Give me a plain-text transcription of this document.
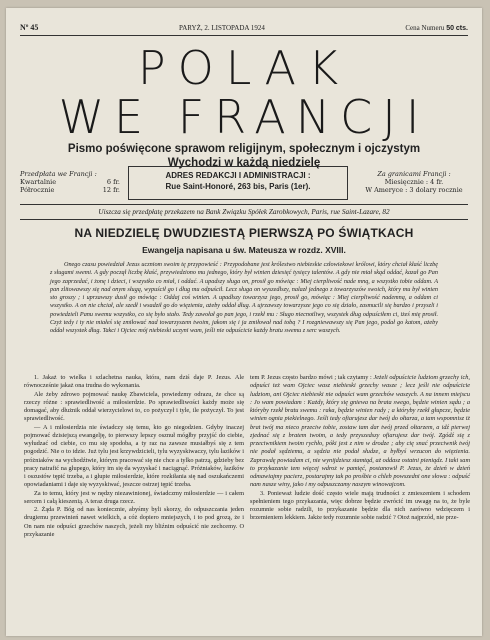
Nº 45	PARYŻ, 2. LISTOPADA 1924	Cena Numeru 50 cts.
POLAK
WE FRANCJI
Pismo poświęcone sprawom religijnym, społecznym i ojczystym
Wychodzi w każdą niedzielę
Przedpłata we Francji :
Kwartalnie	6 fr.
Półrocznie	12 fr.
ADRES REDAKCJI I ADMINISTRACJI :
Rue Saint-Honoré, 263 bis, Paris (1er).
Za granicami Francji :
Miesięcznie : 4 fr.
W Ameryce : 3 dolary rocznie
Uiszcza się przedpłatę przekazem na Bank Związku Spółek Zarobkowych, Paris, rue Saint-Lazare, 82
NA NIEDZIELĘ DWUDZIESTĄ PIERWSZĄ PO ŚWIĄTKACH
Ewangelja napisana u św. Mateusza w rozdz. XVIII.
Onego czasu powiedział Jezus uczniom swoim tę przypowieść : Przypodobane jest królestwo niebieskie człowiekowi królowi, który chciał kłaść liczbę z sługami swemi. A gdy począł liczbę kłaść, przywiedziono mu jednego, który był winien dziesięć tysięcy talentów. A gdy nie miał skąd oddać, kazał go Pan jego zaprzedać, i żonę i dzieci, i wszystko co miał, i oddać. A upadszy sługa on, prosił go mówiąc : Miej cierpliwość nade mną, a wszystko tobie oddam. A pan zlitowawszy się nad onym sługą, wypuścił go i dług mu odpuścił. Lecz sługa on wyszedłszy, nalazł jednego z towarzyszów swoich, który mu był winien sto groszy ; i uprzawszy dusił go mówiąc : Oddaj coś winien. A upadłszy towarzysz jego, prosił go, mówiąc : Miej cierpliwość nademną, a oddam ci wszystko. A on nie chciał, ale szedł i wsadził go do więzienia, ażeby oddał dług. A ujrzawszy towarzysze jego co się działo, zasmucili się bardzo i przyszli i powiedzieli Panu swemu wszystko, co się było stało. Tedy zawołał go pan jego, i rzekł mu : Sługo niecnotliwy, wszystek dług odpuściłem ci, iżeś mię prosił. Czyż tedy i ty nie miałeś się zmiłować nad towarzyszem twoim, jakom się i ja zmiłował nad tobą ? I rozgniewawszy się Pan jego, podał go katom, ażeby oddał wszystek dług. Takci i Ojciec mój niebieski uczyni wam, jeśli nie odpuścicie każdy bratu swemu z serc waszych.

1. Jakaż to wielka i szlachetna nauka, która, nam dziś daje P. Jezus. Ale równocześnie jakaż ona trudna do wykonania.

Ale żeby zdrowo pojmować naukę Zbawiciela, powiedzmy odrazu, że chce są rzeczy różne : sprawiedliwość a miłosierdzie. Po sprawiedliwości każdy może się domagać, aby dłużnik oddał wierzycielowi to, co pożyczył i tyle, ile pożyczył. To jest sprawiedliwość.

— A i miłosierdzia nie świadczy się temu, kto go niegodzien. Gdyby inaczej pojmować dzisiejszą ewangelję, to pierwszy lepszy osznuł mógłby przyjść do ciebie, wyłudzać od ciebie, co mu się spodoba, a ty raz na zawsze musiałbyś się z tem pogodzić. Nie o to idzie. Już tylu jest krzywdzicieli, tylu wyzyskiwaczy, tylu łazików i próżniaków na wychodźtwie, którym pracować się nie chce a tylko patrzą, gdzieby bez pracy natrafić na głupego, który im się da wyzyskać i naciągnąć. Próżniaków, łazików i oszustów tępić trzeba, a i głupie miłosierdzie, które rozkiłania się nad oszukańczemi opowiadaniami i daje się wyzyskiwać, jeszcze ostrzej tępić trzeba.

Za to temu, który jest w nędzy niezawinionej, świadczmy miłosierdzie — i całem sercem i całą kieszenią. A teraz druga rzecz.

2. Żąda P. Bóg od nas koniecznie, abyśmy byli skorzy, do odpuszczania jeden drugiemu przewinień nawet wielkich, a cóż dopiero mniejszych, i to pod grozą, że i On nam nie odpuści grzechów naszych, jeżeli my bliźnim odpuścić nie zechcemy. O przykazanie

tem P. Jezus często bardzo mówi ; tak czytamy : Jeżeli odpuścicie ludziom grzechy ich, odpuści też wam Ojciec wasz niebieski grzechy wasze ; lecz jeśli nie odpuścicie ludziom, ani Ojciec niebieski nie odpuści wam grzechów waszych. A na innem miejscu : Jo wam powiadam : Każdy, który się gniewa na brata swego, będzie winien sądu ; a któryby rzekł bratu swemu : raka, będzie winien rady ; a któryby rzekł głupcze, będzie winien ognia piekielnego. Jeśli tedy ofiarujesz dar twój do ołtarza, a tam wspomnisz iż brat twój ma nieco przeciw tobie, zostaw tam dar twój przed ołtarzem, a idź pierwej zjednać się z bratem twoim, a tedy przyszedszy ofiarujesz dar twój. Zgódź się z przeciwnikiem twoim rychło, póki jest z nim w drodze ; aby cię snać przeciwnik twój nie podał sędziemu, a sędzia nie podał słudze, a byłbyś wrzucon do więzienia. Zaprawdę powiadam ci, nie wynijdziesz stamtąd, aż oddasz ostatni pieniądz. I taki sam to przykazanie tem więcej wdroż w pamięć, postanowił P. Jezus, że dzień w dzień odmawiajmy pacierz, postarajmy tak po prośbie o chleb powszedni one słowa : odpuść nam nasze winy, jako i my odpuszczamy naszym winowajcom.

3. Ponieważ ludzie dość często wiele mają trudności z zmieszeniem i schodem spełnieniem tego przykazania, więc dobrze będzie zwrócić im uwagę na to, że byle rozumnie sobie radzili, to przykazanie będzie dla nich zarówno wdzięczem i brzemieniem lekkiem. Jakże tedy rozumnie sobie radzić ? Otoż najprzód, nie prze-
